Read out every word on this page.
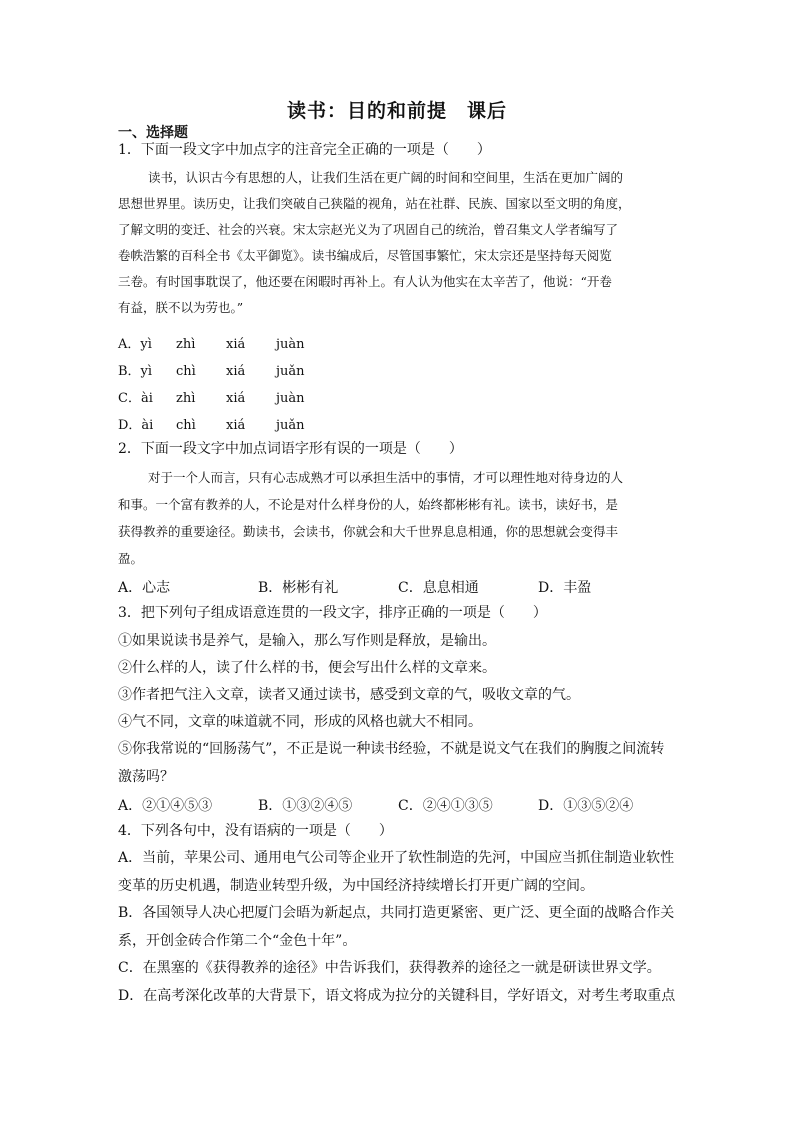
读书：目的和前提　课后
一、选择题
1．下面一段文字中加点字的注音完全正确的一项是（　　）
读书，认识古今有思想的人，让我们生活在更广阔的时间和空间里，生活在更加广阔的
思想世界里。读历史，让我们突破自己狭隘的视角，站在社群、民族、国家以至文明的角度，
了解文明的变迁、社会的兴衰。宋太宗赵光义为了巩固自己的统治，曾召集文人学者编写了
卷帙浩繁的百科全书《太平御览》。读书编成后，尽管国事繁忙，宋太宗还是坚持每天阅览
三卷。有时国事耽误了，他还要在闲暇时再补上。有人认为他实在太辛苦了，他说：“开卷
有益，朕不以为劳也。”
A．yì zhì xiá juàn
B．yì chì xiá juǎn
C．ài zhì xiá juàn
D．ài chì xiá juǎn
2．下面一段文字中加点词语字形有误的一项是（　　）
对于一个人而言，只有心志成熟才可以承担生活中的事情，才可以理性地对待身边的人
和事。一个富有教养的人，不论是对什么样身份的人，始终都彬彬有礼。读书，读好书，是
获得教养的重要途径。勤读书，会读书，你就会和大千世界息息相通，你的思想就会变得丰
盈。
A．心志	B．彬彬有礼	C．息息相通	D．丰盈
3．把下列句子组成语意连贯的一段文字，排序正确的一项是（　　）
①如果说读书是养气，是输入，那么写作则是释放，是输出。
②什么样的人，读了什么样的书，便会写出什么样的文章来。
③作者把气注入文章，读者又通过读书，感受到文章的气，吸收文章的气。
④气不同，文章的味道就不同，形成的风格也就大不相同。
⑤你我常说的“回肠荡气”，不正是说一种读书经验，不就是说文气在我们的胸腹之间流转
激荡吗？
A．②①④⑤③	B．①③②④⑤	C．②④①③⑤	D．①③⑤②④
4．下列各句中，没有语病的一项是（　　）
A．当前，苹果公司、通用电气公司等企业开了软性制造的先河，中国应当抓住制造业软性
变革的历史机遇，制造业转型升级，为中国经济持续增长打开更广阔的空间。
B．各国领导人决心把厦门会晤为新起点，共同打造更紧密、更广泛、更全面的战略合作关
系，开创金砖合作第二个“金色十年”。
C．在黑塞的《获得教养的途径》中告诉我们，获得教养的途径之一就是研读世界文学。
D．在高考深化改革的大背景下，语文将成为拉分的关键科目，学好语文，对考生考取重点
